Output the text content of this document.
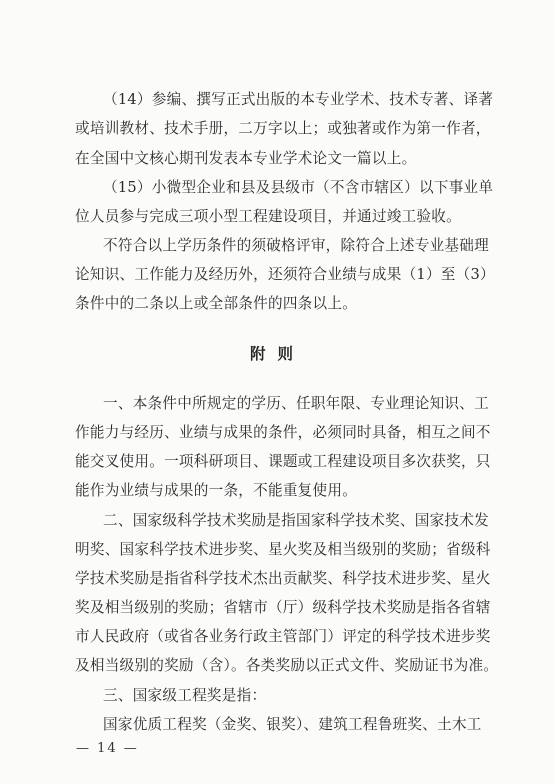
（14）参编、撰写正式出版的本专业学术、技术专著、译著
或培训教材、技术手册，二万字以上；或独著或作为第一作者，
在全国中文核心期刊发表本专业学术论文一篇以上。
（15）小微型企业和县及县级市（不含市辖区）以下事业单
位人员参与完成三项小型工程建设项目，并通过竣工验收。
不符合以上学历条件的须破格评审，除符合上述专业基础理
论知识、工作能力及经历外，还须符合业绩与成果（1）至（3）
条件中的二条以上或全部条件的四条以上。
附则
一、本条件中所规定的学历、任职年限、专业理论知识、工
作能力与经历、业绩与成果的条件，必须同时具备，相互之间不
能交叉使用。一项科研项目、课题或工程建设项目多次获奖，只
能作为业绩与成果的一条，不能重复使用。
二、国家级科学技术奖励是指国家科学技术奖、国家技术发
明奖、国家科学技术进步奖、星火奖及相当级别的奖励；省级科
学技术奖励是指省科学技术杰出贡献奖、科学技术进步奖、星火
奖及相当级别的奖励；省辖市（厅）级科学技术奖励是指各省辖
市人民政府（或省各业务行政主管部门）评定的科学技术进步奖
及相当级别的奖励（含）。各类奖励以正式文件、奖励证书为准。
三、国家级工程奖是指：
国家优质工程奖（金奖、银奖）、建筑工程鲁班奖、土木工
— 14 —
